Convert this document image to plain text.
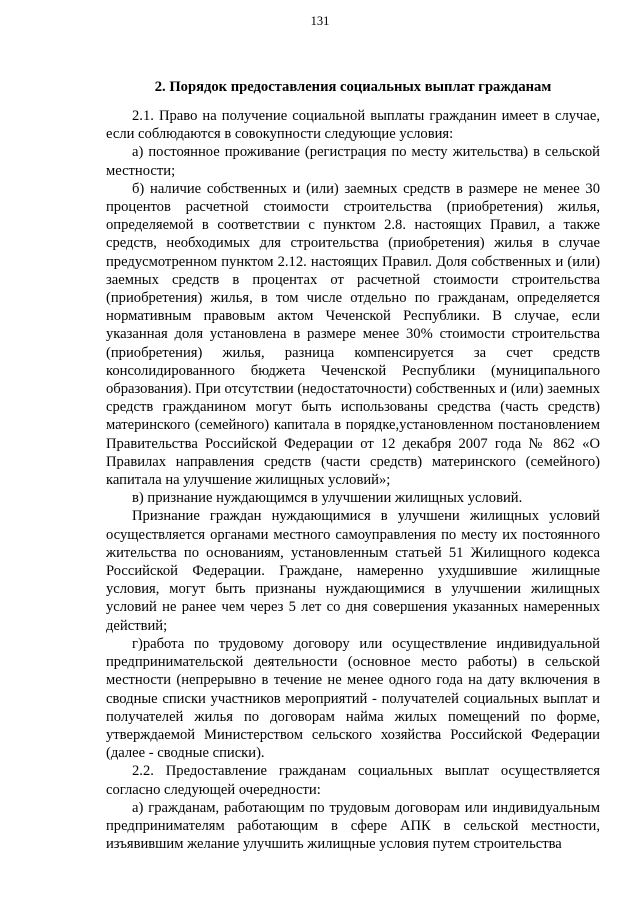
131
2. Порядок предоставления социальных выплат гражданам

2.1. Право на получение социальной выплаты гражданин имеет в случае, если соблюдаются в совокупности следующие условия:

а) постоянное проживание (регистрация по месту жительства) в сельской местности;

б) наличие собственных и (или) заемных средств в размере не менее 30 процентов расчетной стоимости строительства (приобретения) жилья, определяемой в соответствии с пунктом 2.8. настоящих Правил, а также средств, необходимых для строительства (приобретения) жилья в случае предусмотренном пунктом 2.12. настоящих Правил. Доля собственных и (или) заемных средств в процентах от расчетной стоимости строительства (приобретения) жилья, в том числе отдельно по гражданам, определяется нормативным правовым актом Чеченской Республики. В случае, если указанная доля установлена в размере менее 30% стоимости строительства (приобретения) жилья, разница компенсируется за счет средств консолидированного бюджета Чеченской Республики (муниципального образования). При отсутствии (недостаточности) собственных и (или) заемных средств гражданином могут быть использованы средства (часть средств) материнского (семейного) капитала в порядке,установленном постановлением Правительства Российской Федерации от 12 декабря 2007 года № 862 «О Правилах направления средств (части средств) материнского (семейного) капитала на улучшение жилищных условий»;

в) признание нуждающимся в улучшении жилищных условий.

Признание граждан нуждающимися в улучшени жилищных условий осуществляется органами местного самоуправления по месту их постоянного жительства по основаниям, установленным статьей 51 Жилищного кодекса Российской Федерации. Граждане, намеренно ухудшившие жилищные условия, могут быть признаны нуждающимися в улучшении жилищных условий не ранее чем через 5 лет со дня совершения указанных намеренных действий;

г)работа по трудовому договору или осуществление индивидуальной предпринимательской деятельности (основное место работы) в сельской местности (непрерывно в течение не менее одного года на дату включения в сводные списки участников мероприятий - получателей социальных выплат и получателей жилья по договорам найма жилых помещений по форме, утверждаемой Министерством сельского хозяйства Российской Федерации (далее - сводные списки).

2.2. Предоставление гражданам социальных выплат осуществляется согласно следующей очередности:

а) гражданам, работающим по трудовым договорам или индивидуальным предпринимателям работающим в сфере АПК в сельской местности, изъявившим желание улучшить жилищные условия путем строительства
